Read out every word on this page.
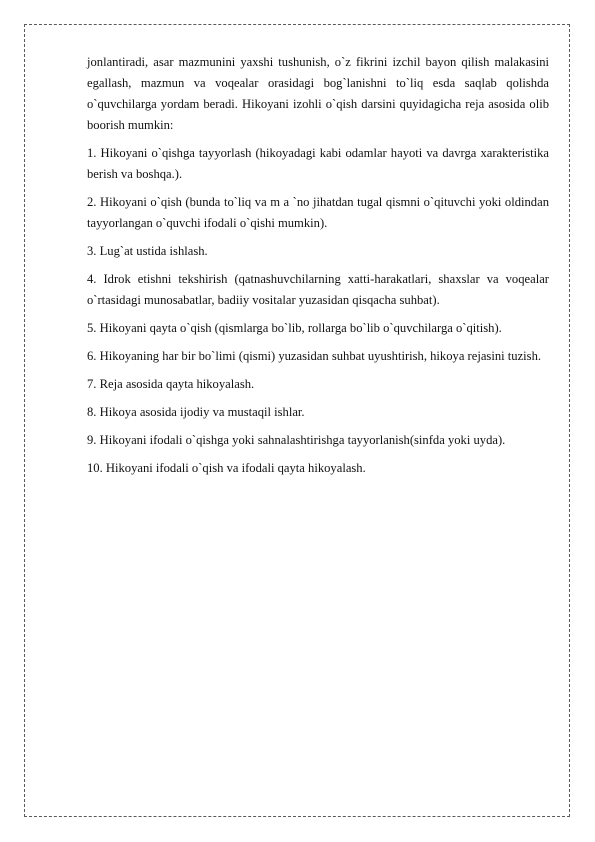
jonlantiradi, asar mazmunini yaxshi tushunish, o`z fikrini izchil bayon qilish malakasini egallash, mazmun va voqealar orasidagi bog`lanishni to`liq esda saqlab qolishda o`quvchilarga yordam beradi. Hikoyani izohli o`qish darsini quyidagicha reja asosida olib boorish mumkin:

1. Hikoyani o`qishga tayyorlash (hikoyadagi kabi odamlar hayoti va davrga xarakteristika berish va boshqa.).

2. Hikoyani o`qish (bunda to`liq va m a `no jihatdan tugal qismni o`qituvchi yoki oldindan tayyorlangan o`quvchi ifodali o`qishi mumkin).

3. Lug`at ustida ishlash.

4. Idrok etishni tekshirish (qatnashuvchilarning xatti-harakatlari, shaxslar va voqealar o`rtasidagi munosabatlar, badiiy vositalar yuzasidan qisqacha suhbat).

5. Hikoyani qayta o`qish (qismlarga bo`lib, rollarga bo`lib o`quvchilarga o`qitish).

6. Hikoyaning har bir bo`limi (qismi) yuzasidan suhbat uyushtirish, hikoya rejasini tuzish.

7. Reja asosida qayta hikoyalash.

8. Hikoya asosida ijodiy va mustaqil ishlar.

9. Hikoyani ifodali o`qishga yoki sahnalashtirishga tayyorlanish(sinfda yoki uyda).

10. Hikoyani ifodali o`qish va ifodali qayta hikoyalash.
